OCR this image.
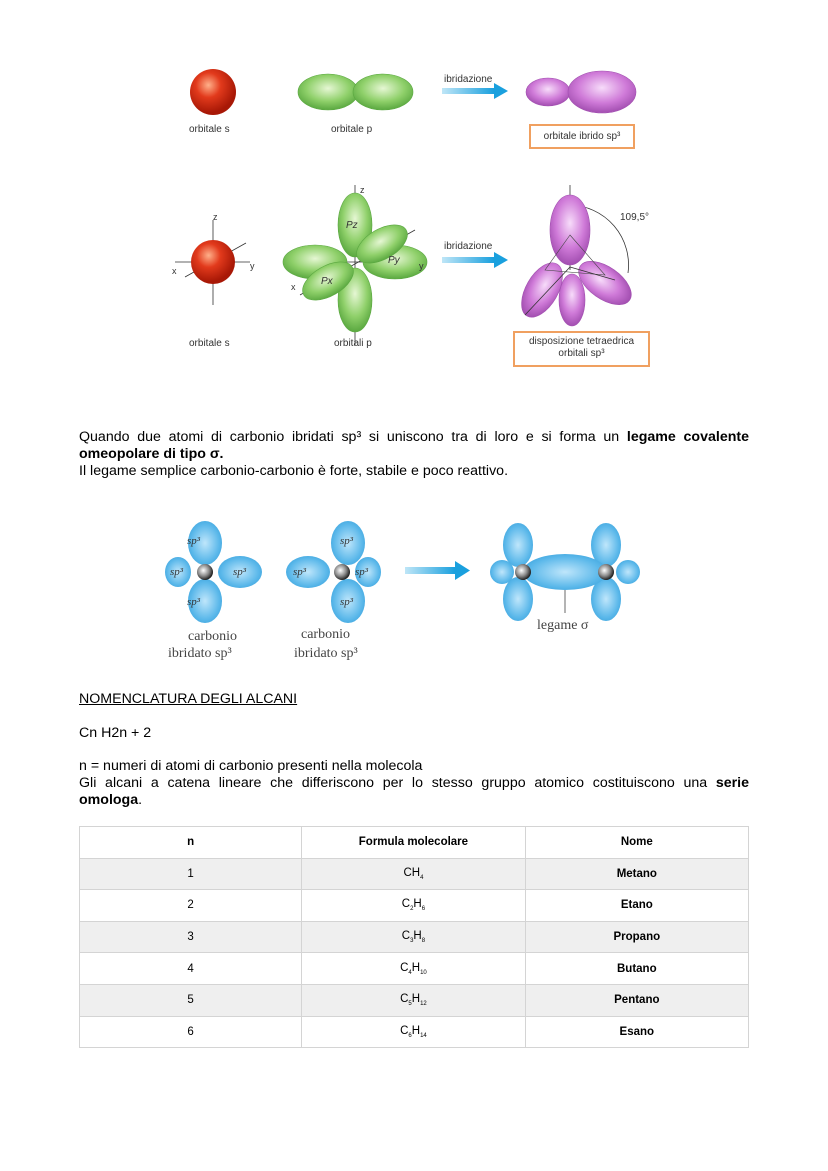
orbitale s	orbitale p
ibridazione
orbitale ibrido sp³
z
y
x
z
y
x
Pz
Py
Px
ibridazione
109,5°
orbitale s	orbitali p	disposizione tetraedrica
orbitali sp³
Quando due atomi di carbonio ibridati sp³ si uniscono tra di loro e si forma un legame covalente omeopolare di tipo σ.
Il legame semplice carbonio-carbonio è forte, stabile e poco reattivo.
sp³
sp³
sp³	sp³
sp³
sp³
sp³	sp³
carbonio
ibridato sp³
carbonio
ibridato sp³
legame σ
NOMENCLATURA DEGLI ALCANI
Cn H2n + 2
n = numeri di atomi di carbonio presenti nella molecola
Gli alcani a catena lineare che differiscono per lo stesso gruppo atomico costituiscono una serie omologa.
n	Formula molecolare	Nome
1	$CH_4$	Metano
2	$C_2H_6$	Etano
3	$C_3H_8$	Propano
4	$C_4H_{10}$	Butano
5	$C_5H_{12}$	Pentano
6	$C_6H_{14}$	Esano
